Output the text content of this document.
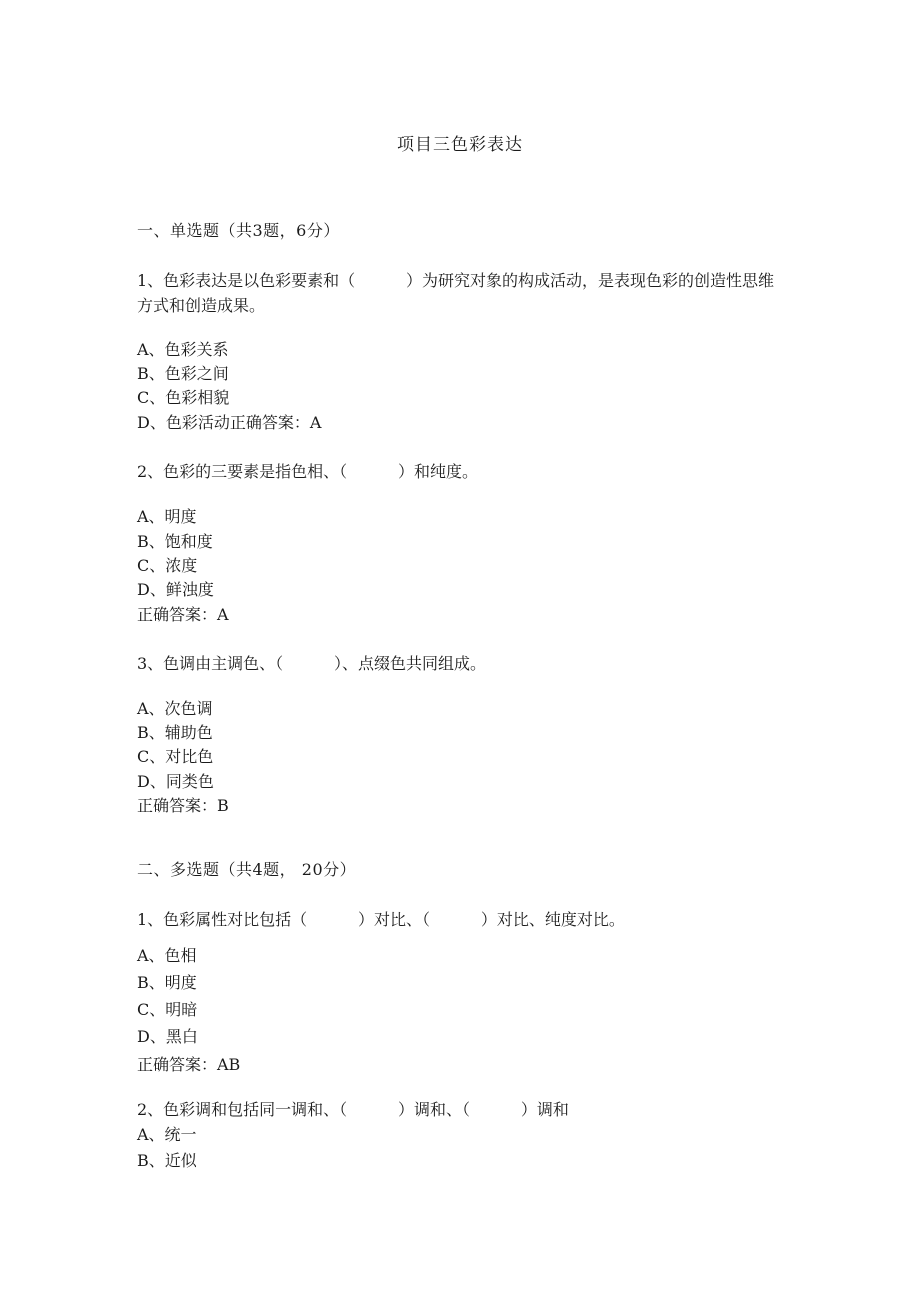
项目三色彩表达
一、单选题（共3题，6分）
1、色彩表达是以色彩要素和（          ）为研究对象的构成活动，是表现色彩的创造性思维方式和创造成果。
A、色彩关系
B、色彩之间
C、色彩相貌
D、色彩活动正确答案：A
2、色彩的三要素是指色相、（          ）和纯度。
A、明度
B、饱和度
C、浓度
D、鲜浊度
正确答案：A
3、色调由主调色、（          ）、点缀色共同组成。
A、次色调
B、辅助色
C、对比色
D、同类色
正确答案：B
二、多选题（共4题， 20分）
1、色彩属性对比包括（          ）对比、（          ）对比、纯度对比。
A、色相
B、明度
C、明暗
D、黑白
正确答案：AB
2、色彩调和包括同一调和、（          ）调和、（          ）调和
A、统一
B、近似
